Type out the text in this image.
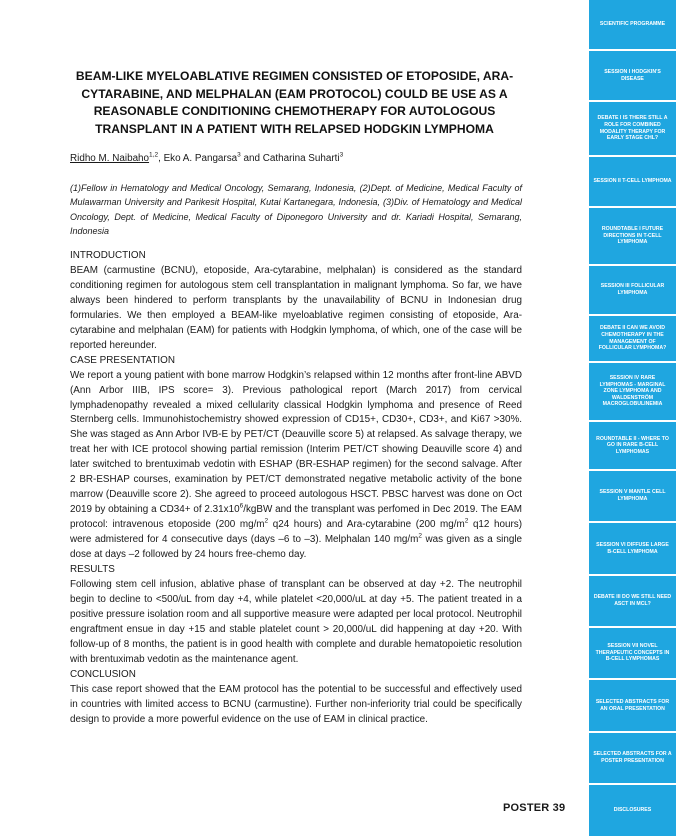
BEAM-LIKE MYELOABLATIVE REGIMEN CONSISTED OF ETOPOSIDE, ARA-CYTARABINE, AND MELPHALAN (EAM PROTOCOL) COULD BE USE AS A REASONABLE CONDITIONING CHEMOTHERAPY FOR AUTOLOGOUS TRANSPLANT IN A PATIENT WITH RELAPSED HODGKIN LYMPHOMA
Ridho M. Naibaho$^{1,2}$, Eko A. Pangarsa$^3$ and Catharina Suharti$^3$
(1)Fellow in Hematology and Medical Oncology, Semarang, Indonesia, (2)Dept. of Medicine, Medical Faculty of Mulawarman University and Parikesit Hospital, Kutai Kartanegara, Indonesia, (3)Div. of Hematology and Medical Oncology, Dept. of Medicine, Medical Faculty of Diponegoro University and dr. Kariadi Hospital, Semarang, Indonesia
INTRODUCTION

BEAM (carmustine (BCNU), etoposide, Ara-cytarabine, melphalan) is considered as the standard conditioning regimen for autologous stem cell transplantation in malignant lymphoma. So far, we have always been hindered to perform transplants by the unavailability of BCNU in Indonesian drug formularies. We then employed a BEAM-like myeloablative regimen consisting of etoposide, Ara-cytarabine and melphalan (EAM) for patients with Hodgkin lymphoma, of which, one of the case will be reported hereunder.

CASE PRESENTATION

We report a young patient with bone marrow Hodgkin’s relapsed within 12 months after front-line ABVD (Ann Arbor IIIB, IPS score= 3). Previous pathological report (March 2017) from cervical lymphadenopathy revealed a mixed cellularity classical Hodgkin lymphoma and presence of Reed Sternberg cells. Immunohistochemistry showed expression of CD15+, CD30+, CD3+, and Ki67 >30%. She was staged as Ann Arbor IVB-E by PET/CT (Deauville score 5) at relapsed. As salvage therapy, we treat her with ICE protocol showing partial remission (Interim PET/CT showing Deauville score 4) and later switched to brentuximab vedotin with ESHAP (BR-ESHAP regimen) for the second salvage. After 2 BR-ESHAP courses, examination by PET/CT demonstrated negative metabolic activity of the bone marrow (Deauville score 2). She agreed to proceed autologous HSCT. PBSC harvest was done on Oct 2019 by obtaining a CD34+ of $2.31x10^6$/kgBW and the transplant was perfomed in Dec 2019. The EAM protocol: intravenous etoposide (200 $mg/m^2$ q24 hours) and Ara-cytarabine (200 $mg/m^2$ q12 hours) were admistered for 4 consecutive days (days –6 to –3). Melphalan 140 $mg/m^2$ was given as a single dose at days –2 followed by 24 hours free-chemo day.

RESULTS

Following stem cell infusion, ablative phase of transplant can be observed at day +2. The neutrophil begin to decline to <500/uL from day +4, while platelet <20,000/uL at day +5. The patient treated in a positive pressure isolation room and all supportive measure were adapted per local protocol. Neutrophil engraftment ensue in day +15 and stable platelet count > 20,000/uL did happening at day +20. With follow-up of 8 months, the patient is in good health with complete and durable hematopoietic resolution with brentuximab vedotin as the maintenance agent.

CONCLUSION

This case report showed that the EAM protocol has the potential to be successful and effectively used in countries with limited access to BCNU (carmustine). Further non-inferiority trial could be specifically design to provide a more powerful evidence on the use of EAM in clinical practice.

POSTER 39
SCIENTIFIC PROGRAMME
SESSION I HODGKIN'S DISEASE
DEBATE I IS THERE STILL A ROLE FOR COMBINED MODALITY THERAPY FOR EARLY STAGE CHL?
SESSION II T-CELL LYMPHOMA
ROUNDTABLE I FUTURE DIRECTIONS IN T-CELL LYMPHOMA
SESSION III FOLLICULAR LYMPHOMA
DEBATE II CAN WE AVOID CHEMOTHERAPY IN THE MANAGEMENT OF FOLLICULAR LYMPHOMA?
SESSION IV RARE LYMPHOMAS - MARGINAL ZONE LYMPHOMA AND WALDENSTRÖM MACROGLOBULINEMIA
ROUNDTABLE II - WHERE TO GO IN RARE B-CELL LYMPHOMAS
SESSION V MANTLE CELL LYMPHOMA
SESSION VI DIFFUSE LARGE B-CELL LYMPHOMA
DEBATE III DO WE STILL NEED ASCT IN MCL?
SESSION VII NOVEL THERAPEUTIC CONCEPTS IN B-CELL LYMPHOMAS
SELECTED ABSTRACTS FOR AN ORAL PRESENTATION
SELECTED ABSTRACTS FOR A POSTER PRESENTATION
DISCLOSURES
